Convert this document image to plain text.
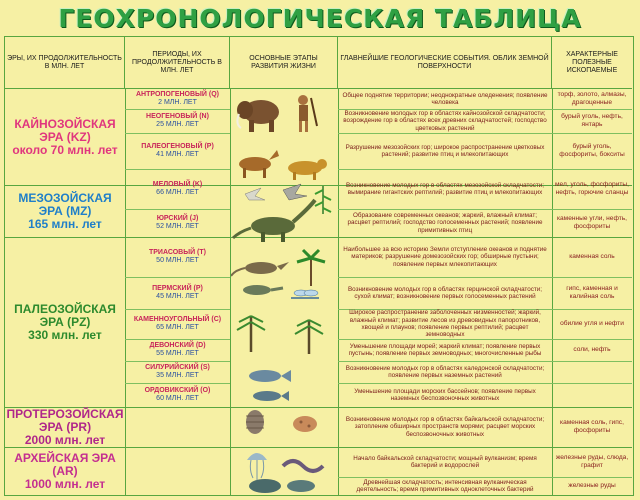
ГЕОХРОНОЛОГИЧЕСКАЯ ТАБЛИЦА
ЭРЫ, ИХ ПРОДОЛЖИТЕЛЬНОСТЬ В МЛН. ЛЕТ
ПЕРИОДЫ, ИХ ПРОДОЛЖИТЕЛЬНОСТЬ В МЛН. ЛЕТ
ОСНОВНЫЕ ЭТАПЫ РАЗВИТИЯ ЖИЗНИ
ГЛАВНЕЙШИЕ ГЕОЛОГИЧЕСКИЕ СОБЫТИЯ. ОБЛИК ЗЕМНОЙ ПОВЕРХНОСТИ
ХАРАКТЕРНЫЕ ПОЛЕЗНЫЕ ИСКОПАЕМЫЕ
КАЙНОЗОЙСКАЯ ЭРА (KZ)
около 70 млн. лет
МЕЗОЗОЙСКАЯ ЭРА (MZ)
165 млн. лет
ПАЛЕОЗОЙСКАЯ ЭРА (PZ)
330 млн. лет
ПРОТЕРОЗОЙСКАЯ ЭРА (PR)
2000 млн. лет
АРХЕЙСКАЯ ЭРА (AR)
1000 млн. лет
АНТРОПОГЕНОВЫЙ (Q)
2 МЛН. ЛЕТ
НЕОГЕНОВЫЙ (N)
25 МЛН. ЛЕТ
ПАЛЕОГЕНОВЫЙ (P)
41 МЛН. ЛЕТ
МЕЛОВЫЙ (K)
66 МЛН. ЛЕТ
ЮРСКИЙ (J)
52 МЛН. ЛЕТ
ТРИАСОВЫЙ (T)
50 МЛН. ЛЕТ
ПЕРМСКИЙ (P)
45 МЛН. ЛЕТ
КАМЕННОУГОЛЬНЫЙ (C)
65 МЛН. ЛЕТ
ДЕВОНСКИЙ (D)
55 МЛН. ЛЕТ
СИЛУРИЙСКИЙ (S)
35 МЛН. ЛЕТ
ОРДОВИКСКИЙ (O)
60 МЛН. ЛЕТ
Общее поднятие территории; неоднократные оледенения; появление человека
Возникновение молодых гор в областях кайнозойской складчатости; возрождение гор в областях всех древних складчатостей; господство цветковых растений
Разрушение мезозойских гор; широкое распространение цветковых растений; развитие птиц и млекопитающих
Возникновение молодых гор в областях мезозойской складчатости; вымирание гигантских рептилий; развитие птиц и млекопитающих
Образование современных океанов; жаркий, влажный климат; расцвет рептилий; господство голосеменных растений; появление примитивных птиц
Наибольшее за всю историю Земли отступление океанов и поднятие материков; разрушение домезозойских гор; обширные пустыни; появление первых млекопитающих
Возникновение молодых гор в областях герцинской складчатости; сухой климат; возникновение первых голосеменных растений
Широкое распространение заболоченных низменностей; жаркий, влажный климат; развитие лесов из древовидных папоротников, хвощей и плаунов; появление первых рептилий; расцвет земноводных
Уменьшение площади морей; жаркий климат; появление первых пустынь; появление первых земноводных; многочисленные рыбы
Возникновение молодых гор в областях каледонской складчатости; появление первых наземных растений
Уменьшение площади морских бассейнов; появление первых наземных беспозвоночных животных
Возникновение молодых гор в областях байкальской складчатости; затопление обширных пространств морями; расцвет морских беспозвоночных животных
Начало байкальской складчатости; мощный вулканизм; время бактерий и водорослей
Древнейшая складчатость; интенсивная вулканическая деятельность; время примитивных одноклеточных бактерий
торф, золото, алмазы, драгоценные
бурый уголь, нефть, янтарь
бурый уголь, фосфориты, бокситы
мел, уголь, фосфориты, нефть, горючие сланцы
каменные угли, нефть, фосфориты
каменная соль
гипс, каменная и калийная соль
обилие угля и нефти
соли, нефть
каменная соль, гипс, фосфориты
железные руды, слюда, графит
железные руды
